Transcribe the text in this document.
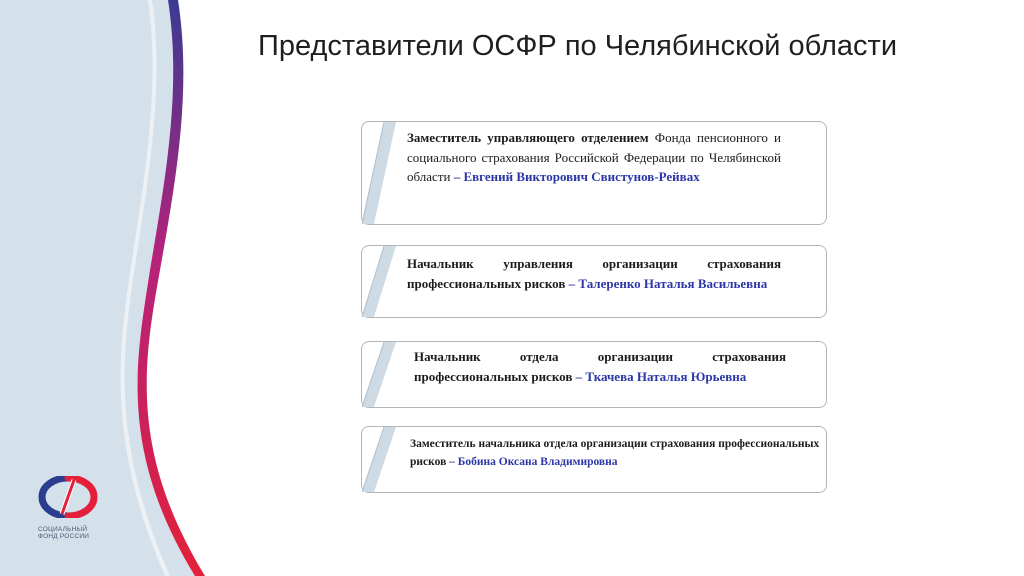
СОЦИАЛЬНЫЙ
ФОНД РОССИИ
Представители ОСФР по Челябинской области
Заместитель управляющего отделением Фонда пенсионного и социального страхования Российской Федерации по Челябинской области – Евгений Викторович Свистунов-Рейвах
Начальник управления организации страхования профессиональных рисков – Талеренко Наталья Васильевна
Начальник отдела организации страхования профессиональных рисков – Ткачева Наталья Юрьевна
Заместитель начальника отдела организации страхования профессиональных рисков – Бобина Оксана Владимировна
